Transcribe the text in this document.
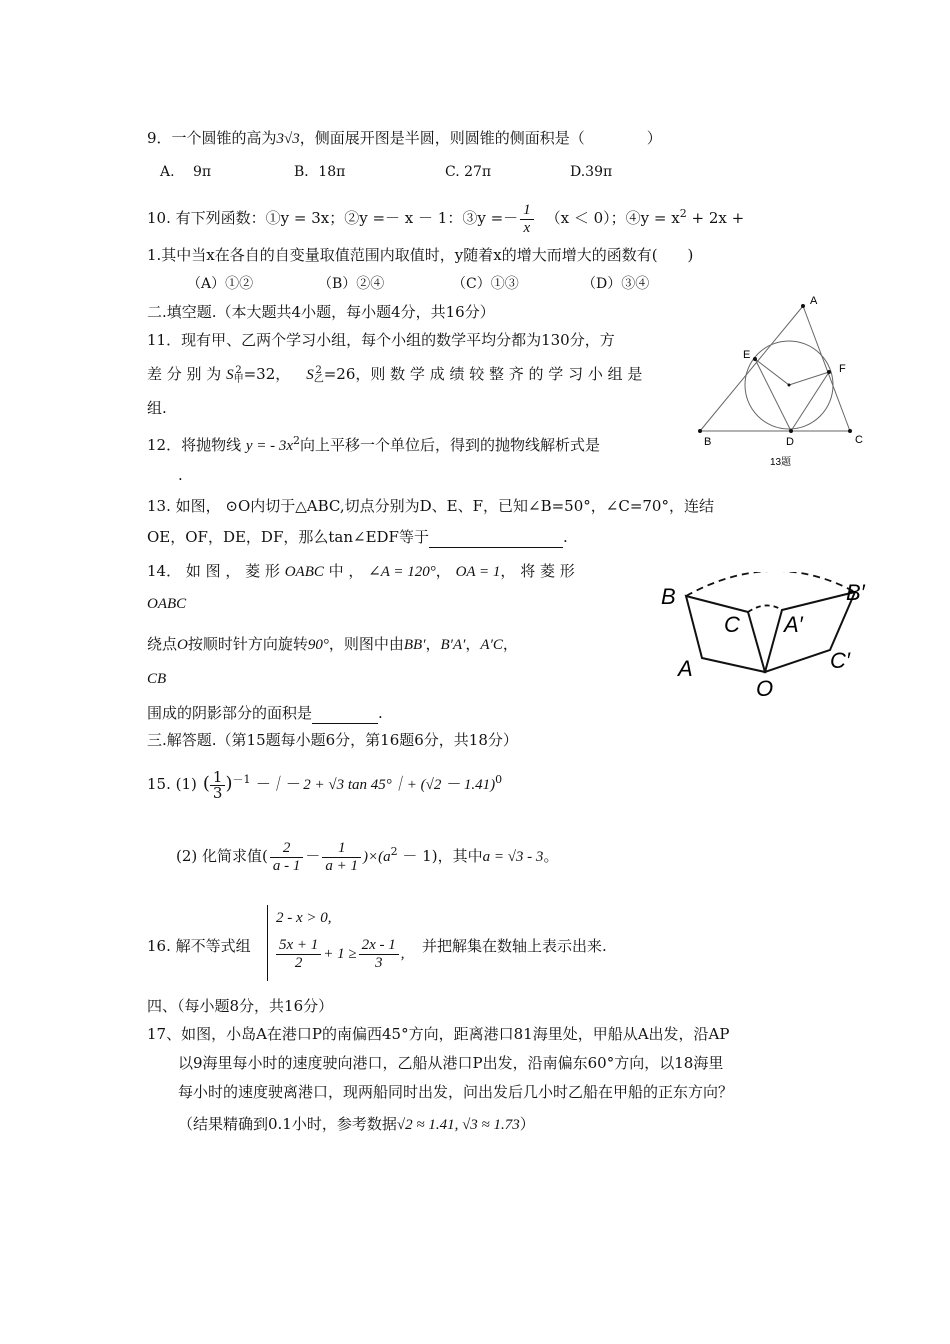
9．一个圆锥的高为3√3，侧面展开图是半圆，则圆锥的侧面积是（	）
A.　 9π	B．18π	C. 27π	D.39π
10. 有下列函数：①y = 3x；②y =－ x － 1：③y =－ $\frac{1}{x} (x < 0)$；④y = $x^2 + 2x$ +
1.其中当x在各自的自变量取值范围内取值时，y随着x的增大而增大的函数有(　　)
（A）①②	（B）②④	（C）①③	（D）③④
二.填空题.（本大题共4小题，每小题4分，共16分）
11．现有甲、乙两个学习小组，每个小组的数学平均分都为130分，方
差 分 别 为 S 2
甲 =32， S 2
乙 =26，则 数 学 成 绩 较 整 齐 的 学 习 小 组 是
组.
12．将抛物线 y = - $3x^2$向上平移一个单位后，得到的抛物线解析式是
.
A
E
F
B	D	C
13题
13. 如图， ⊙O内切于△ABC,切点分别为D、E、F，已知∠B=50°，∠C=70°，连结
OE，OF，DE，DF，那么tan∠EDF等于	.
14． 如 图 ， 菱 形 OABC 中 ， ∠A = 120°， OA = 1， 将 菱 形
OABC
绕点O按顺时针方向旋转90°，则图中由BB′，B′A′，A′C，
CB
围成的阴影部分的面积是	.
B	B′
C A′
A	C′
O
三.解答题.（第15题每小题6分，第16题6分，共18分）
15. (1) ( $\frac{1}{3} )^{-1}$ －｜－ 2 + √3 tan 45°｜+ $(√2 - 1.41)^0$
(2) 化简求值( $\frac{2}{a - 1} - \frac{1}{a + 1} )\times(a^2 - 1)$，其中a = √3 - 3。
16. 解不等式组
2 - x > 0,
$\frac{5x + 1}{2} + 1 \ge \frac{2x - 1}{3}$ , 并把解集在数轴上表示出来.
四、（每小题8分，共16分）
17、如图，小岛A在港口P的南偏西45°方向，距离港口81海里处，甲船从A出发，沿AP
以9海里每小时的速度驶向港口，乙船从港口P出发，沿南偏东60°方向，以18海里
每小时的速度驶离港口，现两船同时出发，问出发后几小时乙船在甲船的正东方向？
（结果精确到0.1小时，参考数据√2 ≈ 1.41, √3 ≈ 1.73）
